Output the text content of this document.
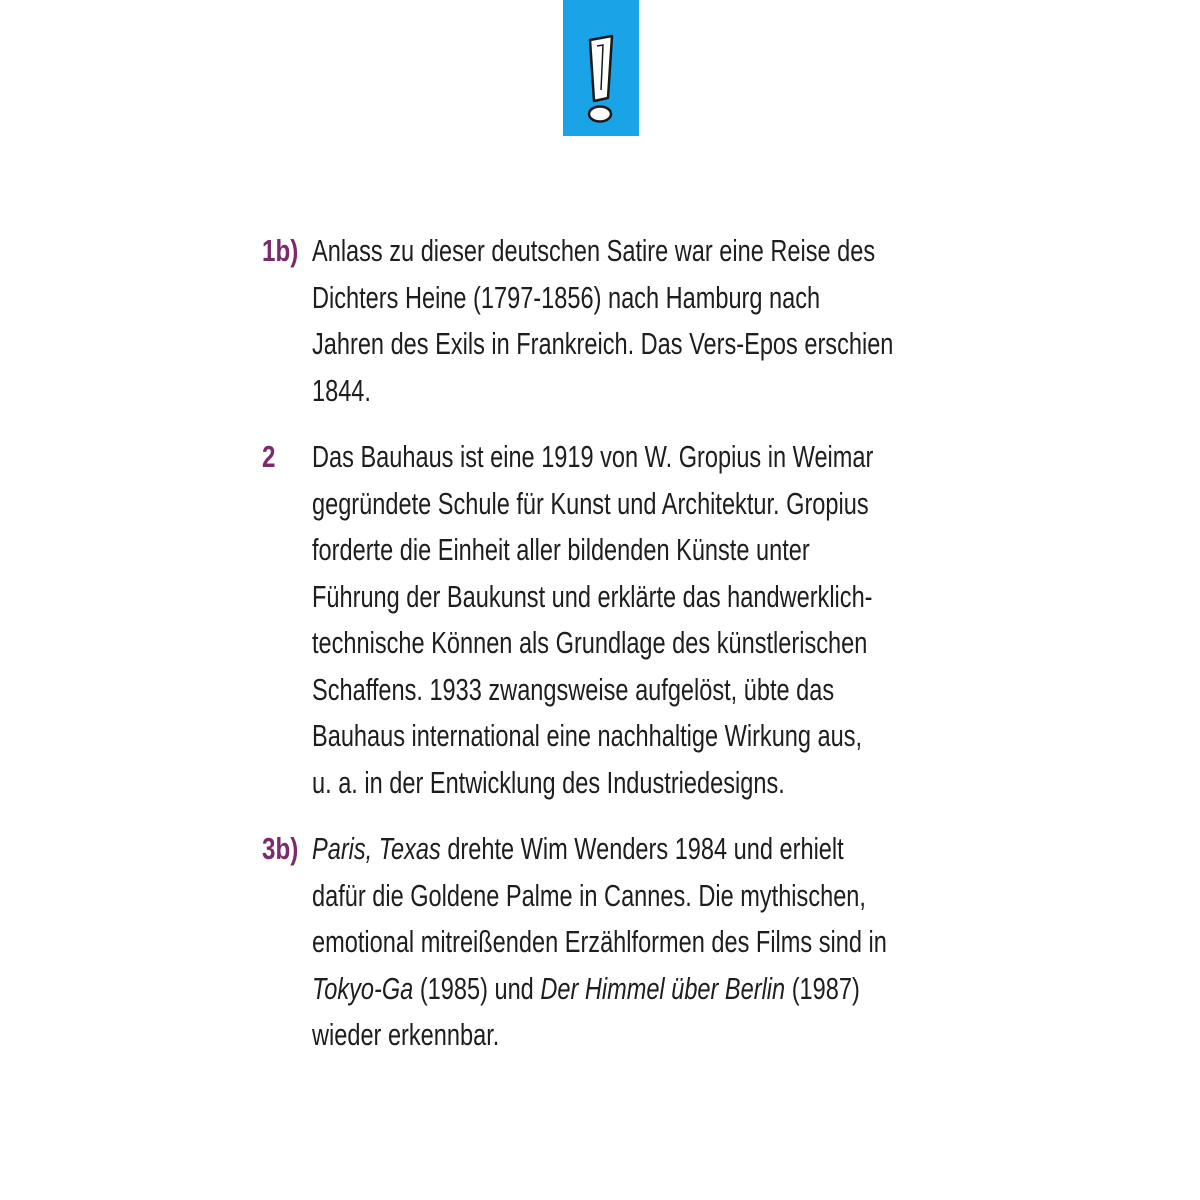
1b) Anlass zu dieser deutschen Satire war eine Reise des
Dichters Heine (1797-1856) nach Hamburg nach
Jahren des Exils in Frankreich. Das Vers-Epos erschien
1844.
2	Das Bauhaus ist eine 1919 von W. Gropius in Weimar
gegründete Schule für Kunst und Architektur. Gropius
forderte die Einheit aller bildenden Künste unter
Führung der Baukunst und erklärte das handwerklich-
technische Können als Grundlage des künstlerischen
Schaffens. 1933 zwangsweise aufgelöst, übte das
Bauhaus international eine nachhaltige Wirkung aus,
u. a. in der Entwicklung des Industriedesigns.
3b) Paris, Texas drehte Wim Wenders 1984 und erhielt
dafür die Goldene Palme in Cannes. Die mythischen,
emotional mitreißenden Erzählformen des Films sind in
Tokyo-Ga (1985) und Der Himmel über Berlin (1987)
wieder erkennbar.
